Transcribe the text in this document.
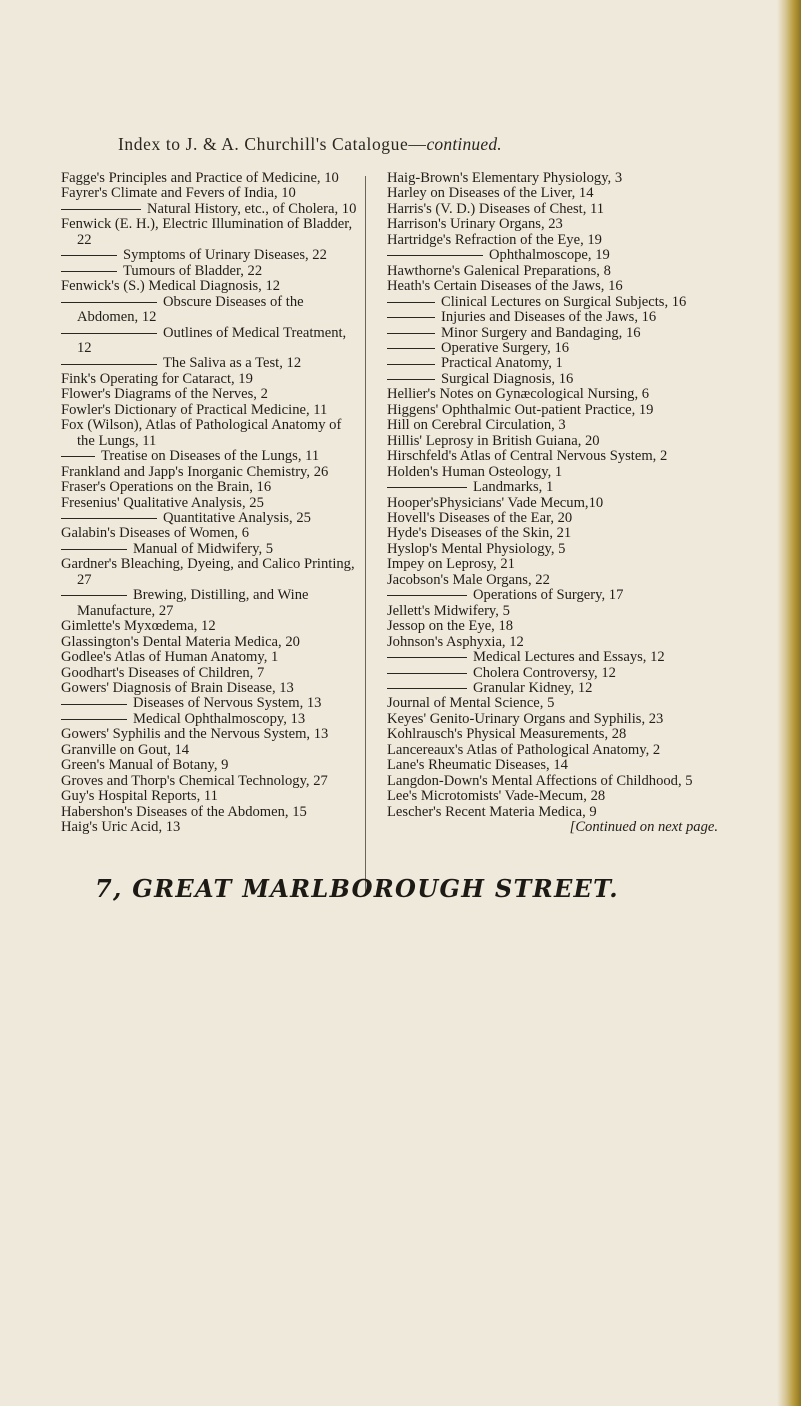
Index to J. & A. Churchill's Catalogue—continued.
Fagge's Principles and Practice of Medicine, 10
Fayrer's Climate and Fevers of India, 10
Natural History, etc., of Cholera, 10
Fenwick (E. H.), Electric Illumination of Bladder, 22
Symptoms of Urinary Diseases, 22
Tumours of Bladder, 22
Fenwick's (S.) Medical Diagnosis, 12
Obscure Diseases of the Abdomen, 12
Outlines of Medical Treatment, 12
The Saliva as a Test, 12
Fink's Operating for Cataract, 19
Flower's Diagrams of the Nerves, 2
Fowler's Dictionary of Practical Medicine, 11
Fox (Wilson), Atlas of Pathological Anatomy of the Lungs, 11
Treatise on Diseases of the Lungs, 11
Frankland and Japp's Inorganic Chemistry, 26
Fraser's Operations on the Brain, 16
Fresenius' Qualitative Analysis, 25
Quantitative Analysis, 25
Galabin's Diseases of Women, 6
Manual of Midwifery, 5
Gardner's Bleaching, Dyeing, and Calico Printing, 27
Brewing, Distilling, and Wine Manufacture, 27
Gimlette's Myxœdema, 12
Glassington's Dental Materia Medica, 20
Godlee's Atlas of Human Anatomy, 1
Goodhart's Diseases of Children, 7
Gowers' Diagnosis of Brain Disease, 13
Diseases of Nervous System, 13
Medical Ophthalmoscopy, 13
Gowers' Syphilis and the Nervous System, 13
Granville on Gout, 14
Green's Manual of Botany, 9
Groves and Thorp's Chemical Technology, 27
Guy's Hospital Reports, 11
Habershon's Diseases of the Abdomen, 15
Haig's Uric Acid, 13
Haig-Brown's Elementary Physiology, 3
Harley on Diseases of the Liver, 14
Harris's (V. D.) Diseases of Chest, 11
Harrison's Urinary Organs, 23
Hartridge's Refraction of the Eye, 19
Ophthalmoscope, 19
Hawthorne's Galenical Preparations, 8
Heath's Certain Diseases of the Jaws, 16
Clinical Lectures on Surgical Subjects, 16
Injuries and Diseases of the Jaws, 16
Minor Surgery and Bandaging, 16
Operative Surgery, 16
Practical Anatomy, 1
Surgical Diagnosis, 16
Hellier's Notes on Gynæcological Nursing, 6
Higgens' Ophthalmic Out-patient Practice, 19
Hill on Cerebral Circulation, 3
Hillis' Leprosy in British Guiana, 20
Hirschfeld's Atlas of Central Nervous System, 2
Holden's Human Osteology, 1
Landmarks, 1
Hooper'sPhysicians' Vade Mecum,10
Hovell's Diseases of the Ear, 20
Hyde's Diseases of the Skin, 21
Hyslop's Mental Physiology, 5
Impey on Leprosy, 21
Jacobson's Male Organs, 22
Operations of Surgery, 17
Jellett's Midwifery, 5
Jessop on the Eye, 18
Johnson's Asphyxia, 12
Medical Lectures and Essays, 12
Cholera Controversy, 12
Granular Kidney, 12
Journal of Mental Science, 5
Keyes' Genito-Urinary Organs and Syphilis, 23
Kohlrausch's Physical Measurements, 28
Lancereaux's Atlas of Pathological Anatomy, 2
Lane's Rheumatic Diseases, 14
Langdon-Down's Mental Affections of Childhood, 5
Lee's Microtomists' Vade-Mecum, 28
Lescher's Recent Materia Medica, 9
[Continued on next page.
7, GREAT MARLBOROUGH STREET.
